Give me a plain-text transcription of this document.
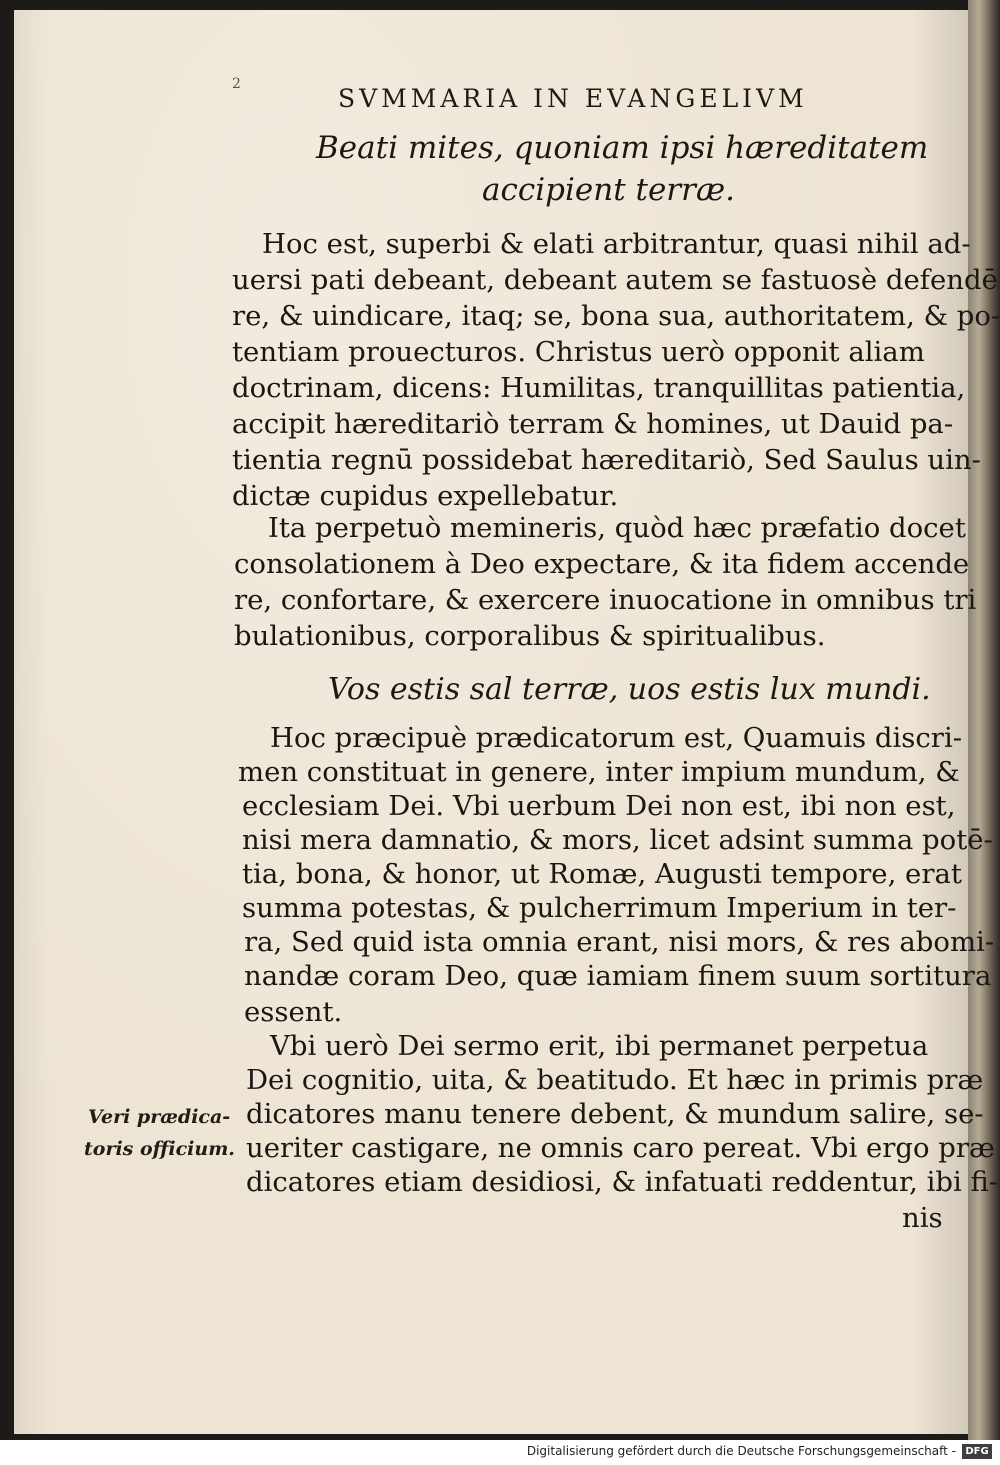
2	SVMMARIA IN EVANGELIVM
Beati mites, quoniam ipsi hæreditatem
accipient terræ.
Hoc est, superbi & elati arbitrantur, quasi nihil ad-
uersi pati debeant, debeant autem se fastuosè defendē
re, & uindicare, itaq; se, bona sua, authoritatem, & po-
tentiam prouecturos. Christus uerò opponit aliam
doctrinam, dicens: Humilitas, tranquillitas patientia,
accipit hæreditariò terram & homines, ut Dauid pa-
tientia regnū possidebat hæreditariò, Sed Saulus uin-
dictæ cupidus expellebatur.
Ita perpetuò memineris, quòd hæc præfatio docet
consolationem à Deo expectare, & ita fidem accende
re, confortare, & exercere inuocatione in omnibus tri
bulationibus, corporalibus & spiritualibus.
Vos estis sal terræ, uos estis lux mundi.
Hoc præcipuè prædicatorum est, Quamuis discri-
men constituat in genere, inter impium mundum, &
ecclesiam Dei. Vbi uerbum Dei non est, ibi non est,
nisi mera damnatio, & mors, licet adsint summa potē-
tia, bona, & honor, ut Romæ, Augusti tempore, erat
summa potestas, & pulcherrimum Imperium in ter-
ra, Sed quid ista omnia erant, nisi mors, & res abomi-
nandæ coram Deo, quæ iamiam finem suum sortitura
essent.
Vbi uerò Dei sermo erit, ibi permanet perpetua
Dei cognitio, uita, & beatitudo. Et hæc in primis præ
dicatores manu tenere debent, & mundum salire, se-
ueriter castigare, ne omnis caro pereat. Vbi ergo præ
dicatores etiam desidiosi, & infatuati reddentur, ibi fi-
nis
Veri prædica-
toris officium.
Digitalisierung gefördert durch die Deutsche Forschungsgemeinschaft - DFG
